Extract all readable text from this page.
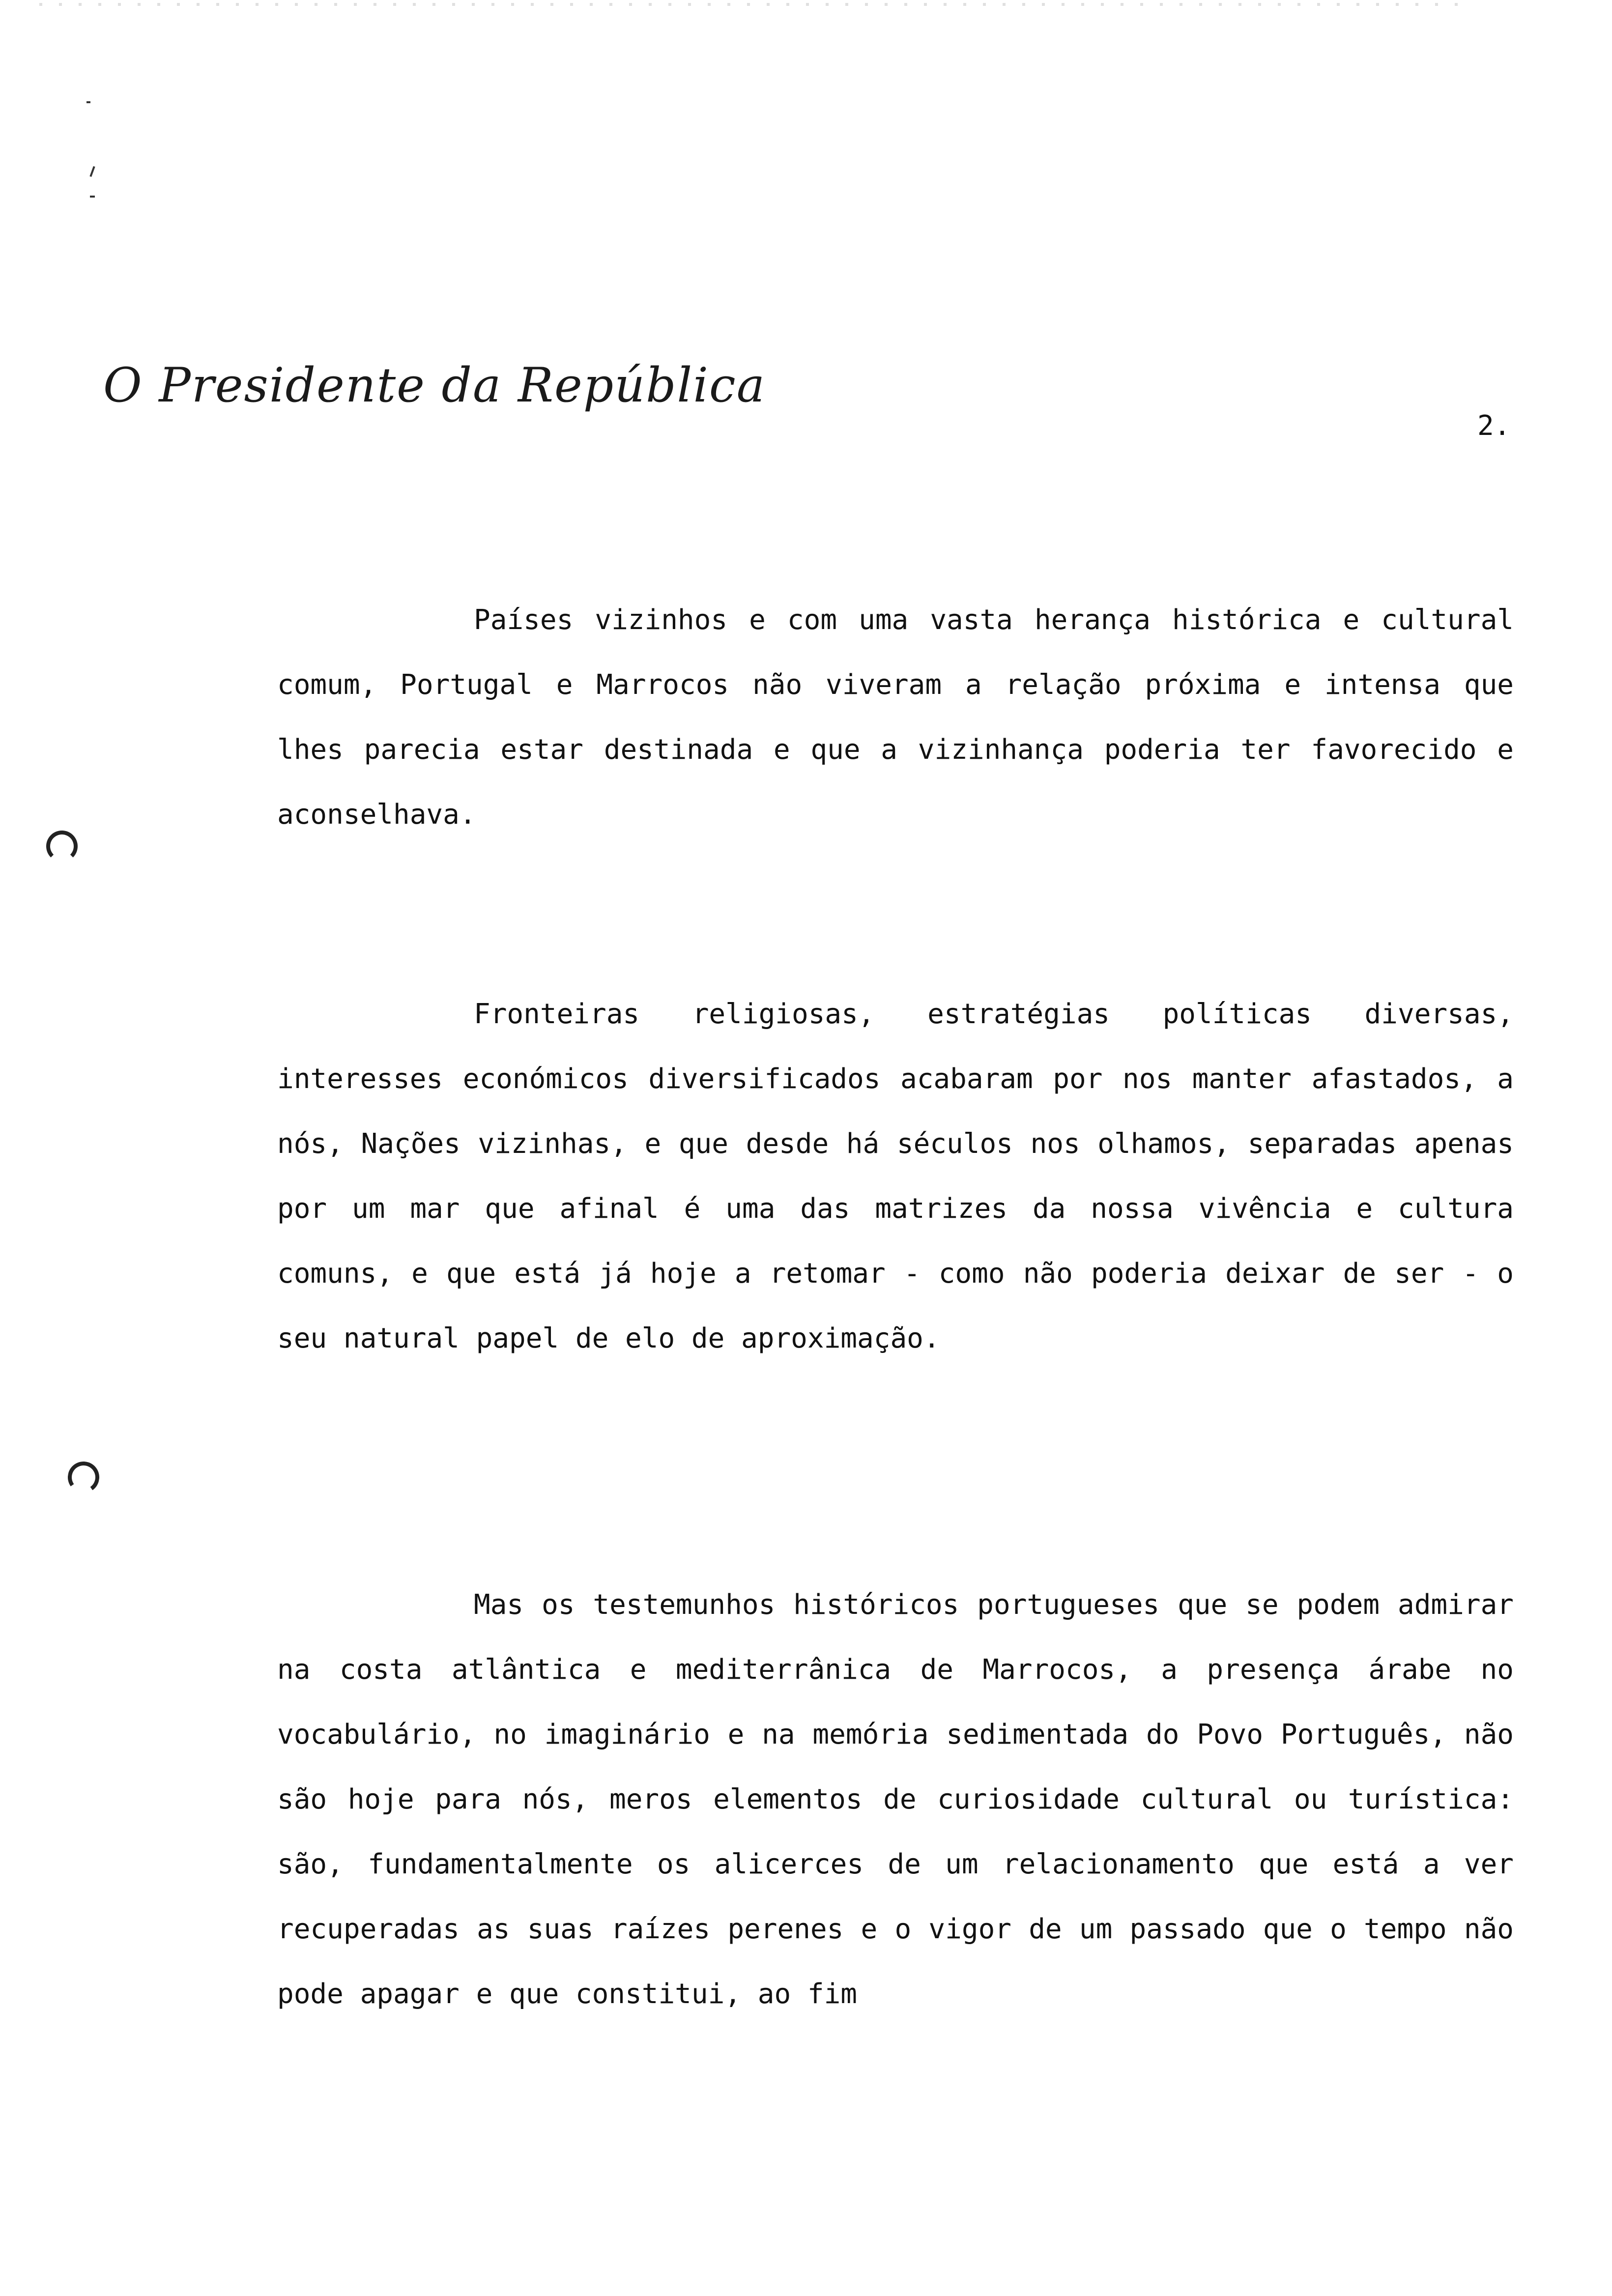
O Presidente da República
2.
Países vizinhos e com uma vasta herança histórica e cultural comum, Portugal e Marrocos não viveram a relação próxima e intensa que lhes parecia estar destinada e que a vizinhança poderia ter favorecido e aconselhava.
Fronteiras religiosas, estratégias políticas diversas, interesses económicos diversificados acabaram por nos manter afastados, a nós, Nações vizinhas, e que desde há séculos nos olhamos, separadas apenas por um mar que afinal é uma das matrizes da nossa vivência e cultura comuns, e que está já hoje a retomar - como não poderia deixar de ser - o seu natural papel de elo de aproximação.
Mas os testemunhos históricos portugueses que se podem admirar na costa atlântica e mediterrânica de Marrocos, a presença árabe no vocabulário, no imaginário e na memória sedimentada do Povo Português, não são hoje para nós, meros elementos de curiosidade cultural ou turística: são, fundamentalmente os alicerces de um relacionamento que está a ver recuperadas as suas raízes perenes e o vigor de um passado que o tempo não pode apagar e que constitui, ao fim
